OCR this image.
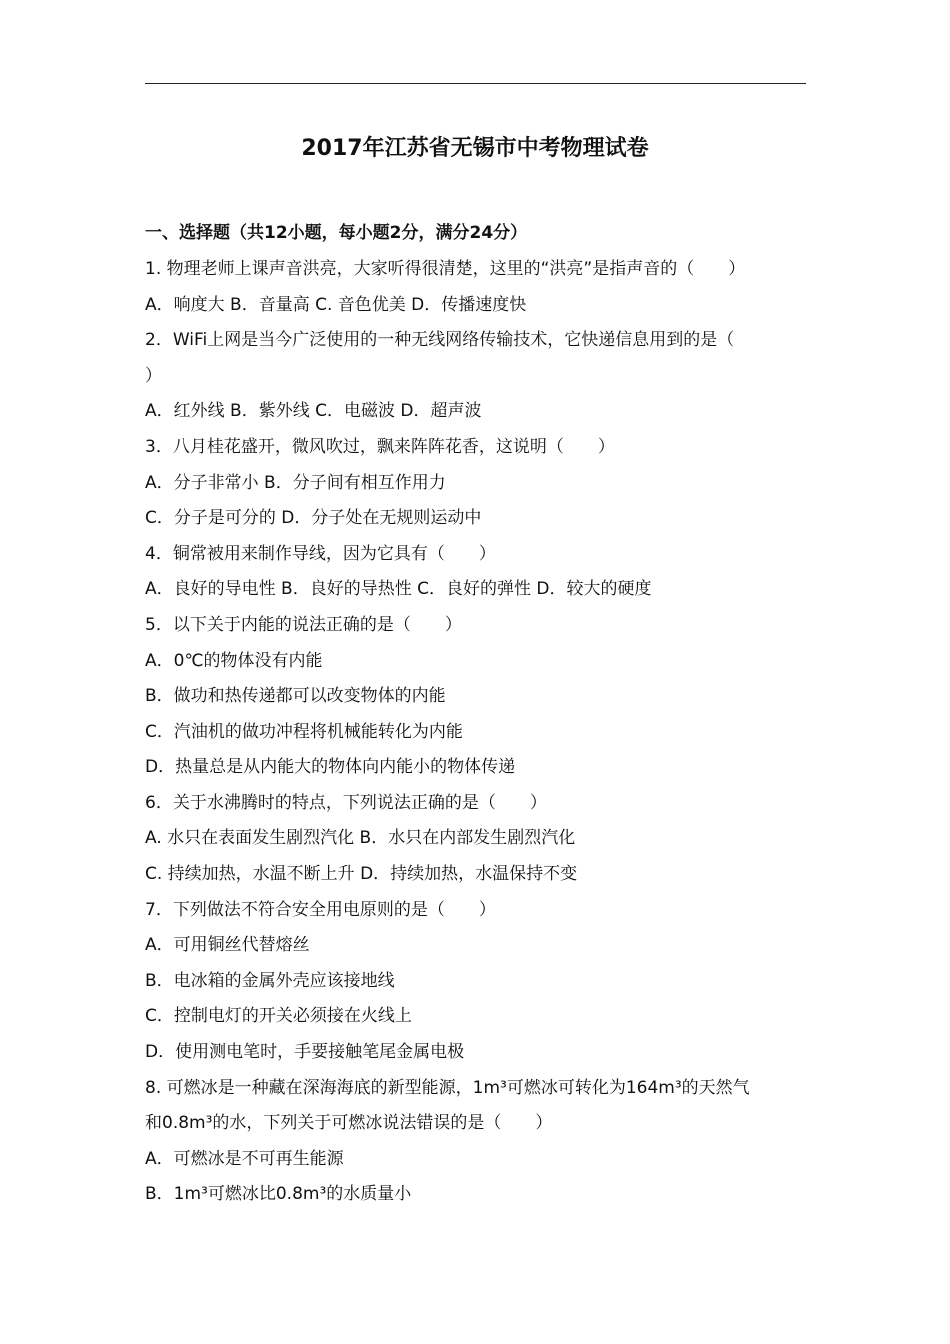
2017年江苏省无锡市中考物理试卷
一、选择题（共12小题，每小题2分，满分24分）
1. 物理老师上课声音洪亮，大家听得很清楚，这里的“洪亮”是指声音的（　　）
A．响度大 B．音量高 C. 音色优美 D．传播速度快
2．WiFi上网是当今广泛使用的一种无线网络传输技术，它快递信息用到的是（
）
A．红外线 B．紫外线 C．电磁波 D．超声波
3．八月桂花盛开，微风吹过，飘来阵阵花香，这说明（　　）
A．分子非常小 B．分子间有相互作用力
C．分子是可分的 D．分子处在无规则运动中
4．铜常被用来制作导线，因为它具有（　　）
A．良好的导电性 B．良好的导热性 C．良好的弹性 D．较大的硬度
5．以下关于内能的说法正确的是（　　）
A．0℃的物体没有内能
B．做功和热传递都可以改变物体的内能
C．汽油机的做功冲程将机械能转化为内能
D．热量总是从内能大的物体向内能小的物体传递
6．关于水沸腾时的特点，下列说法正确的是（　　）
A. 水只在表面发生剧烈汽化 B．水只在内部发生剧烈汽化
C. 持续加热，水温不断上升 D．持续加热，水温保持不变
7．下列做法不符合安全用电原则的是（　　）
A．可用铜丝代替熔丝
B．电冰箱的金属外壳应该接地线
C．控制电灯的开关必须接在火线上
D．使用测电笔时，手要接触笔尾金属电极
8. 可燃冰是一种藏在深海海底的新型能源，1m³可燃冰可转化为164m³的天然气
和0.8m³的水，下列关于可燃冰说法错误的是（　　）
A．可燃冰是不可再生能源
B．1m³可燃冰比0.8m³的水质量小
